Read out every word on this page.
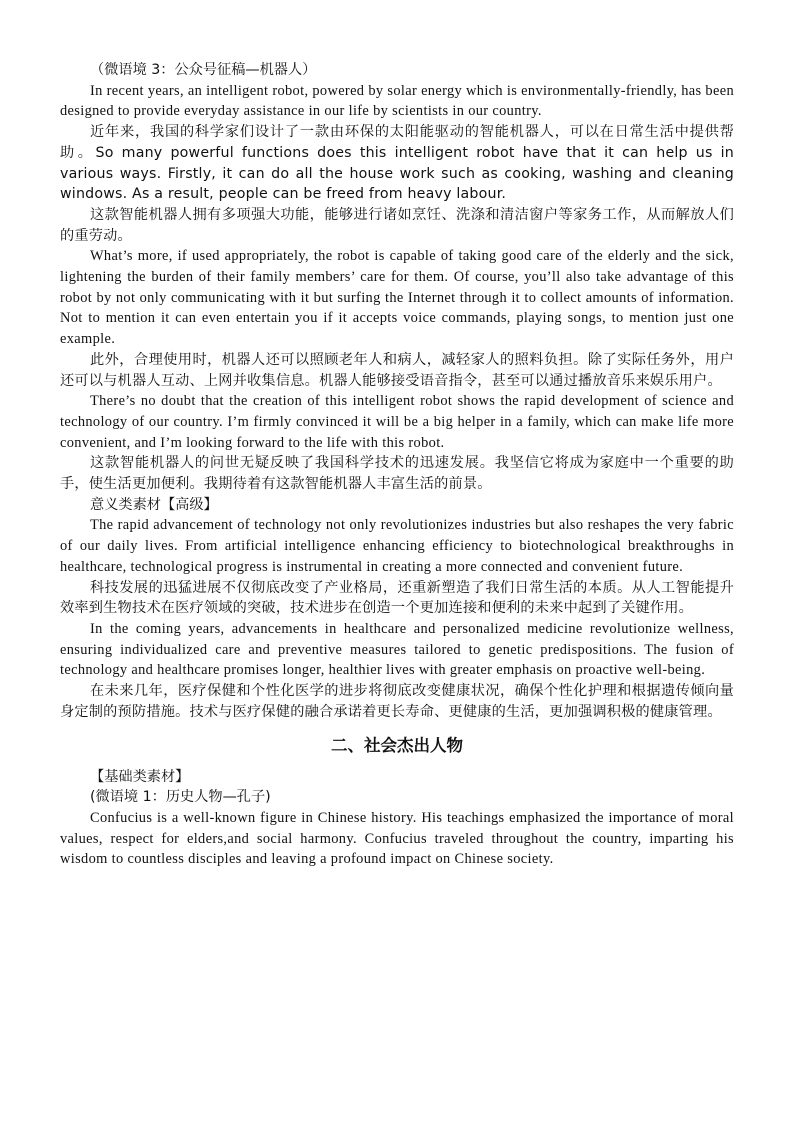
（微语境 3：公众号征稿—机器人）

In recent years, an intelligent robot, powered by solar energy which is environmentally-friendly, has been designed to provide everyday assistance in our life by scientists in our country.

近年来，我国的科学家们设计了一款由环保的太阳能驱动的智能机器人，可以在日常生活中提供帮助。So many powerful functions does this intelligent robot have that it can help us in various ways. Firstly, it can do all the house work such as cooking, washing and cleaning windows. As a result, people can be freed from heavy labour.

这款智能机器人拥有多项强大功能，能够进行诸如烹饪、洗涤和清洁窗户等家务工作，从而解放人们的重劳动。

What’s more, if used appropriately, the robot is capable of taking good care of the elderly and the sick, lightening the burden of their family members’ care for them. Of course, you’ll also take advantage of this robot by not only communicating with it but surfing the Internet through it to collect amounts of information. Not to mention it can even entertain you if it accepts voice commands, playing songs, to mention just one example.

此外，合理使用时，机器人还可以照顾老年人和病人，减轻家人的照料负担。除了实际任务外，用户还可以与机器人互动、上网并收集信息。机器人能够接受语音指令，甚至可以通过播放音乐来娱乐用户。

There’s no doubt that the creation of this intelligent robot shows the rapid development of science and technology of our country. I’m firmly convinced it will be a big helper in a family, which can make life more convenient, and I’m looking forward to the life with this robot.

这款智能机器人的问世无疑反映了我国科学技术的迅速发展。我坚信它将成为家庭中一个重要的助手，使生活更加便利。我期待着有这款智能机器人丰富生活的前景。

意义类素材【高级】

The rapid advancement of technology not only revolutionizes industries but also reshapes the very fabric of our daily lives. From artificial intelligence enhancing efficiency to biotechnological breakthroughs in healthcare, technological progress is instrumental in creating a more connected and convenient future.

科技发展的迅猛进展不仅彻底改变了产业格局，还重新塑造了我们日常生活的本质。从人工智能提升效率到生物技术在医疗领域的突破，技术进步在创造一个更加连接和便利的未来中起到了关键作用。

In the coming years, advancements in healthcare and personalized medicine revolutionize wellness, ensuring individualized care and preventive measures tailored to genetic predispositions. The fusion of technology and healthcare promises longer, healthier lives with greater emphasis on proactive well-being.

在未来几年，医疗保健和个性化医学的进步将彻底改变健康状况，确保个性化护理和根据遗传倾向量身定制的预防措施。技术与医疗保健的融合承诺着更长寿命、更健康的生活，更加强调积极的健康管理。

二、社会杰出人物

【基础类素材】

(微语境 1：历史人物—孔子)

Confucius is a well-known figure in Chinese history. His teachings emphasized the importance of moral values, respect for elders,and social harmony. Confucius traveled throughout the country, imparting his wisdom to countless disciples and leaving a profound impact on Chinese society.
